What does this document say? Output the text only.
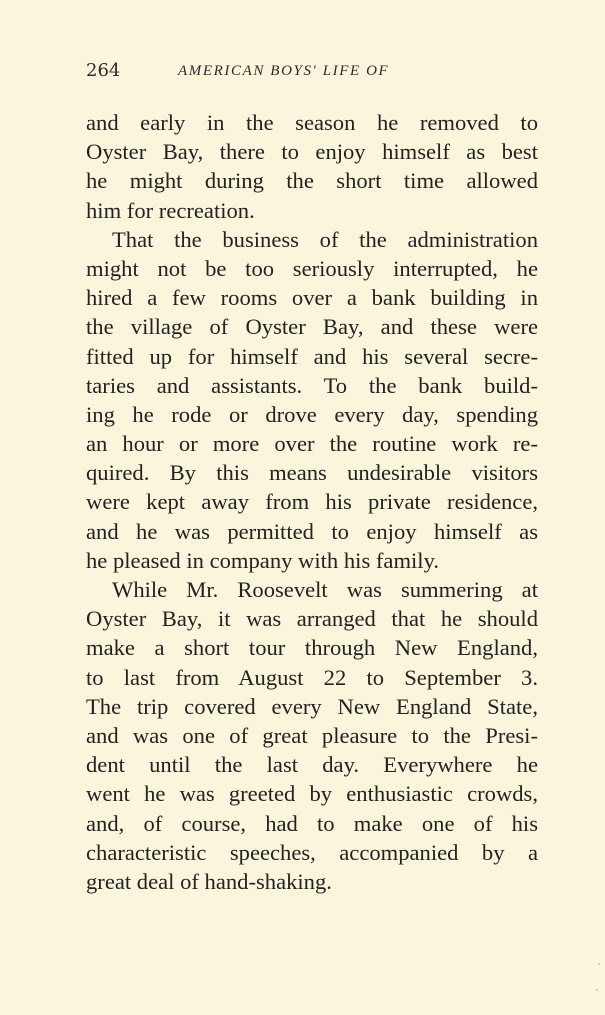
264	AMERICAN BOYS' LIFE OF
and early in the season he removed to
Oyster Bay, there to enjoy himself as best
he might during the short time allowed
him for recreation.
That the business of the administration
might not be too seriously interrupted, he
hired a few rooms over a bank building in
the village of Oyster Bay, and these were
fitted up for himself and his several secre-
taries and assistants. To the bank build-
ing he rode or drove every day, spending
an hour or more over the routine work re-
quired. By this means undesirable visitors
were kept away from his private residence,
and he was permitted to enjoy himself as
he pleased in company with his family.
While Mr. Roosevelt was summering at
Oyster Bay, it was arranged that he should
make a short tour through New England,
to last from August 22 to September 3.
The trip covered every New England State,
and was one of great pleasure to the Presi-
dent until the last day. Everywhere he
went he was greeted by enthusiastic crowds,
and, of course, had to make one of his
characteristic speeches, accompanied by a
great deal of hand-shaking.
